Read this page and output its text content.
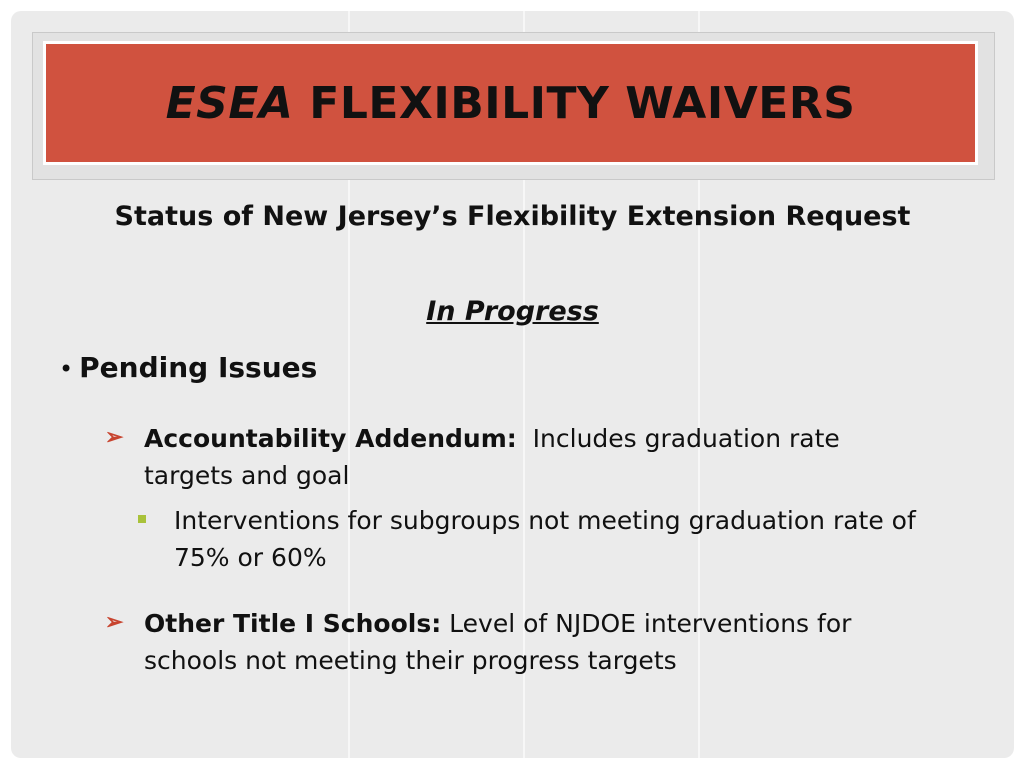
ESEA FLEXIBILITY WAIVERS
Status of New Jersey’s Flexibility Extension Request
In Progress
• Pending Issues
➢ Accountability Addendum:  Includes graduation rate targets and goal
Interventions for subgroups not meeting graduation rate of 75% or 60%
➢ Other Title I Schools: Level of NJDOE interventions for schools not meeting their progress targets
